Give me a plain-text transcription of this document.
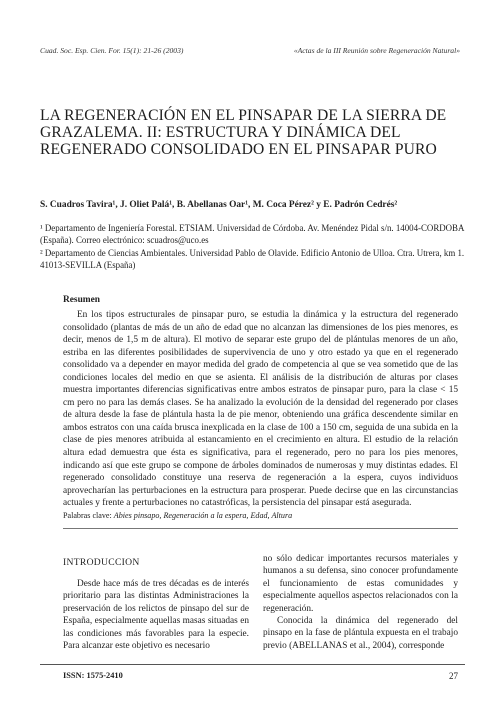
Cuad. Soc. Esp. Cien. For. 15(1): 21-26 (2003)	«Actas de la III Reunión sobre Regeneración Natural»
LA REGENERACIÓN EN EL PINSAPAR DE LA SIERRA DE GRAZALEMA. II: ESTRUCTURA Y DINÁMICA DEL REGENERADO CONSOLIDADO EN EL PINSAPAR PURO
S. Cuadros Tavira¹, J. Oliet Palá¹, B. Abellanas Oar¹, M. Coca Pérez² y E. Padrón Cedrés²

¹ Departamento de Ingeniería Forestal. ETSIAM. Universidad de Córdoba. Av. Menéndez Pidal s/n. 14004-CORDOBA (España). Correo electrónico: scuadros@uco.es

² Departamento de Ciencias Ambientales. Universidad Pablo de Olavide. Edificio Antonio de Ulloa. Ctra. Utrera, km 1. 41013-SEVILLA (España)

Resumen

En los tipos estructurales de pinsapar puro, se estudia la dinámica y la estructura del regenerado consolidado (plantas de más de un año de edad que no alcanzan las dimensiones de los pies menores, es decir, menos de 1,5 m de altura). El motivo de separar este grupo del de plántulas menores de un año, estriba en las diferentes posibilidades de supervivencia de uno y otro estado ya que en el regenerado consolidado va a depender en mayor medida del grado de competencia al que se vea sometido que de las condiciones locales del medio en que se asienta. El análisis de la distribución de alturas por clases muestra importantes diferencias significativas entre ambos estratos de pinsapar puro, para la clase < 15 cm pero no para las demás clases. Se ha analizado la evolución de la densidad del regenerado por clases de altura desde la fase de plántula hasta la de pie menor, obteniendo una gráfica descendente similar en ambos estratos con una caída brusca inexplicada en la clase de 100 a 150 cm, seguida de una subida en la clase de pies menores atribuida al estancamiento en el crecimiento en altura. El estudio de la relación altura edad demuestra que ésta es significativa, para el regenerado, pero no para los pies menores, indicando así que este grupo se compone de árboles dominados de numerosas y muy distintas edades. El regenerado consolidado constituye una reserva de regeneración a la espera, cuyos individuos aprovecharían las perturbaciones en la estructura para prosperar. Puede decirse que en las circunstancias actuales y frente a perturbaciones no catastróficas, la persistencia del pinsapar está asegurada.

Palabras clave: Abies pinsapo, Regeneración a la espera, Edad, Altura
INTRODUCCION

Desde hace más de tres décadas es de interés prioritario para las distintas Administraciones la preservación de los relictos de pinsapo del sur de España, especialmente aquellas masas situadas en las condiciones más favorables para la especie. Para alcanzar este objetivo es necesario

no sólo dedicar importantes recursos materiales y humanos a su defensa, sino conocer profundamente el funcionamiento de estas comunidades y especialmente aquellos aspectos relacionados con la regeneración.

Conocida la dinámica del regenerado del pinsapo en la fase de plántula expuesta en el trabajo previo (ABELLANAS et al., 2004), corresponde

ISSN: 1575-2410	27
